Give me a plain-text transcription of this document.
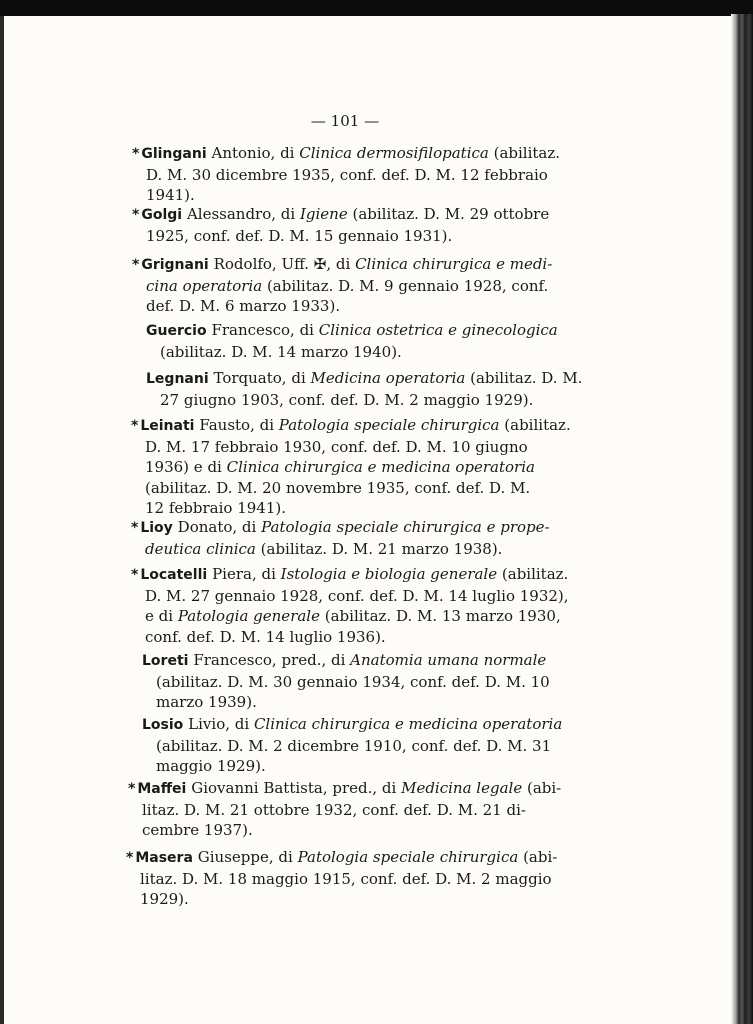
— 101 —
* Glingani Antonio, di Clinica dermosifilopatica (abilitaz.
D. M. 30 dicembre 1935, conf. def. D. M. 12 febbraio
1941).
* Golgi Alessandro, di Igiene (abilitaz. D. M. 29 ottobre
1925, conf. def. D. M. 15 gennaio 1931).
* Grignani Rodolfo, Uff. ✠, di Clinica chirurgica e medi-
cina operatoria (abilitaz. D. M. 9 gennaio 1928, conf.
def. D. M. 6 marzo 1933).
Guercio Francesco, di Clinica ostetrica e ginecologica
(abilitaz. D. M. 14 marzo 1940).
Legnani Torquato, di Medicina operatoria (abilitaz. D. M.
27 giugno 1903, conf. def. D. M. 2 maggio 1929).
* Leinati Fausto, di Patologia speciale chirurgica (abilitaz.
D. M. 17 febbraio 1930, conf. def. D. M. 10 giugno
1936) e di Clinica chirurgica e medicina operatoria
(abilitaz. D. M. 20 novembre 1935, conf. def. D. M.
12 febbraio 1941).
* Lioy Donato, di Patologia speciale chirurgica e prope-
deutica clinica (abilitaz. D. M. 21 marzo 1938).
* Locatelli Piera, di Istologia e biologia generale (abilitaz.
D. M. 27 gennaio 1928, conf. def. D. M. 14 luglio 1932),
e di Patologia generale (abilitaz. D. M. 13 marzo 1930,
conf. def. D. M. 14 luglio 1936).
Loreti Francesco, pred., di Anatomia umana normale
(abilitaz. D. M. 30 gennaio 1934, conf. def. D. M. 10
marzo 1939).
Losio Livio, di Clinica chirurgica e medicina operatoria
(abilitaz. D. M. 2 dicembre 1910, conf. def. D. M. 31
maggio 1929).
* Maffei Giovanni Battista, pred., di Medicina legale (abi-
litaz. D. M. 21 ottobre 1932, conf. def. D. M. 21 di-
cembre 1937).
* Masera Giuseppe, di Patologia speciale chirurgica (abi-
litaz. D. M. 18 maggio 1915, conf. def. D. M. 2 maggio
1929).
